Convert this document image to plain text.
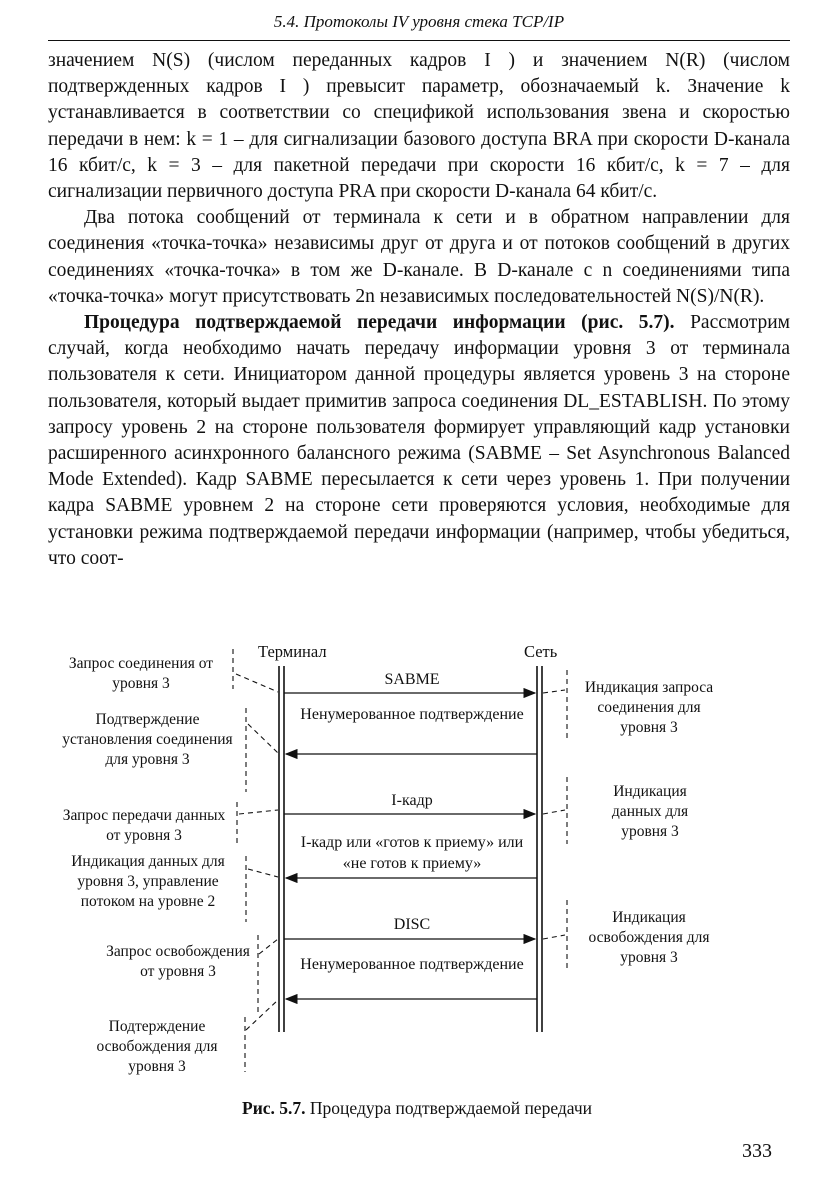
5.4. Протоколы IV уровня стека TCP/IP

значением N(S) (числом переданных кадров I ) и значением N(R) (числом подтвержденных кадров I ) превысит параметр, обозначаемый k. Значение k устанавливается в соответствии со спецификой использования звена и скоростью передачи в нем: k = 1 – для сигнализации базового доступа BRA при скорости D-канала 16 кбит/с, k = 3 – для пакетной передачи при скорости 16 кбит/с, k = 7 – для сигнализации первичного доступа PRA при скорости D-канала 64 кбит/с.

Два потока сообщений от терминала к сети и в обратном направлении для соединения «точка-точка» независимы друг от друга и от потоков сообщений в других соединениях «точка-точка» в том же D-канале. В D-канале с n соединениями типа «точка-точка» могут присутствовать 2n независимых последовательностей N(S)/N(R).

Процедура подтверждаемой передачи информации (рис. 5.7). Рассмотрим случай, когда необходимо начать передачу информации уровня 3 от терминала пользователя к сети. Инициатором данной процедуры является уровень 3 на стороне пользователя, который выдает примитив запроса соединения DL_ESTABLISH. По этому запросу уровень 2 на стороне пользователя формирует управляющий кадр установки расширенного асинхронного балансного режима (SABME – Set Asynchronous Balanced Mode Extended). Кадр SABME пересылается к сети через уровень 1. При получении кадра SABME уровнем 2 на стороне сети проверяются условия, необходимые для установки режима подтверждаемой передачи информации (например, чтобы убедиться, что соот-

Терминал	Сеть
Запрос соединения от уровня 3
Подтверждение установления соединения для уровня 3
Запрос передачи данных от уровня 3
Индикация данных для уровня 3, управление потоком на уровне 2
Запрос освобождения от уровня 3
Подтерждение освобождения для уровня 3
Индикация запроса соединения для уровня 3
Индикация данных для уровня 3
Индикация освобождения для уровня 3
SABME
Ненумерованное подтверждение
I-кадр
I-кадр или «готов к приему» или «не готов к приему»
DISC
Ненумерованное подтверждение
Рис. 5.7. Процедура подтверждаемой передачи
333
